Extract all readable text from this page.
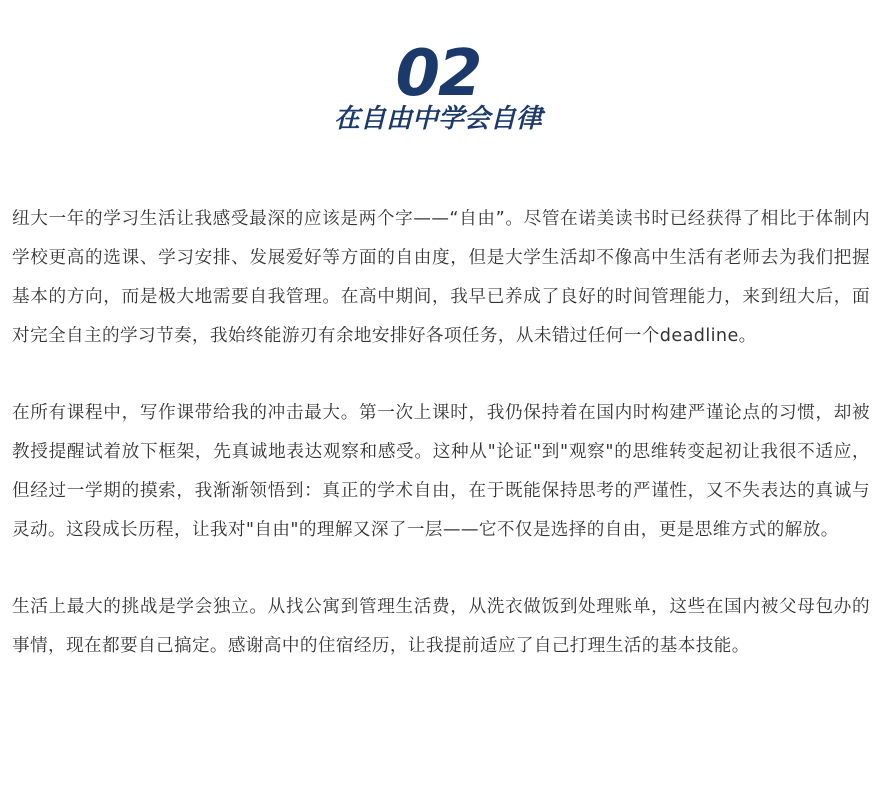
02
在自由中学会自律

纽大一年的学习生活让我感受最深的应该是两个字——“自由”。尽管在诺美读书时已经获得了相比于体制内学校更高的选课、学习安排、发展爱好等方面的自由度，但是大学生活却不像高中生活有老师去为我们把握基本的方向，而是极大地需要自我管理。在高中期间，我早已养成了良好的时间管理能力，来到纽大后，面对完全自主的学习节奏，我始终能游刃有余地安排好各项任务，从未错过任何一个deadline。

在所有课程中，写作课带给我的冲击最大。第一次上课时，我仍保持着在国内时构建严谨论点的习惯，却被教授提醒试着放下框架，先真诚地表达观察和感受。这种从"论证"到"观察"的思维转变起初让我很不适应，但经过一学期的摸索，我渐渐领悟到：真正的学术自由，在于既能保持思考的严谨性，又不失表达的真诚与灵动。这段成长历程，让我对"自由"的理解又深了一层——它不仅是选择的自由，更是思维方式的解放。

生活上最大的挑战是学会独立。从找公寓到管理生活费，从洗衣做饭到处理账单，这些在国内被父母包办的事情，现在都要自己搞定。感谢高中的住宿经历，让我提前适应了自己打理生活的基本技能。
